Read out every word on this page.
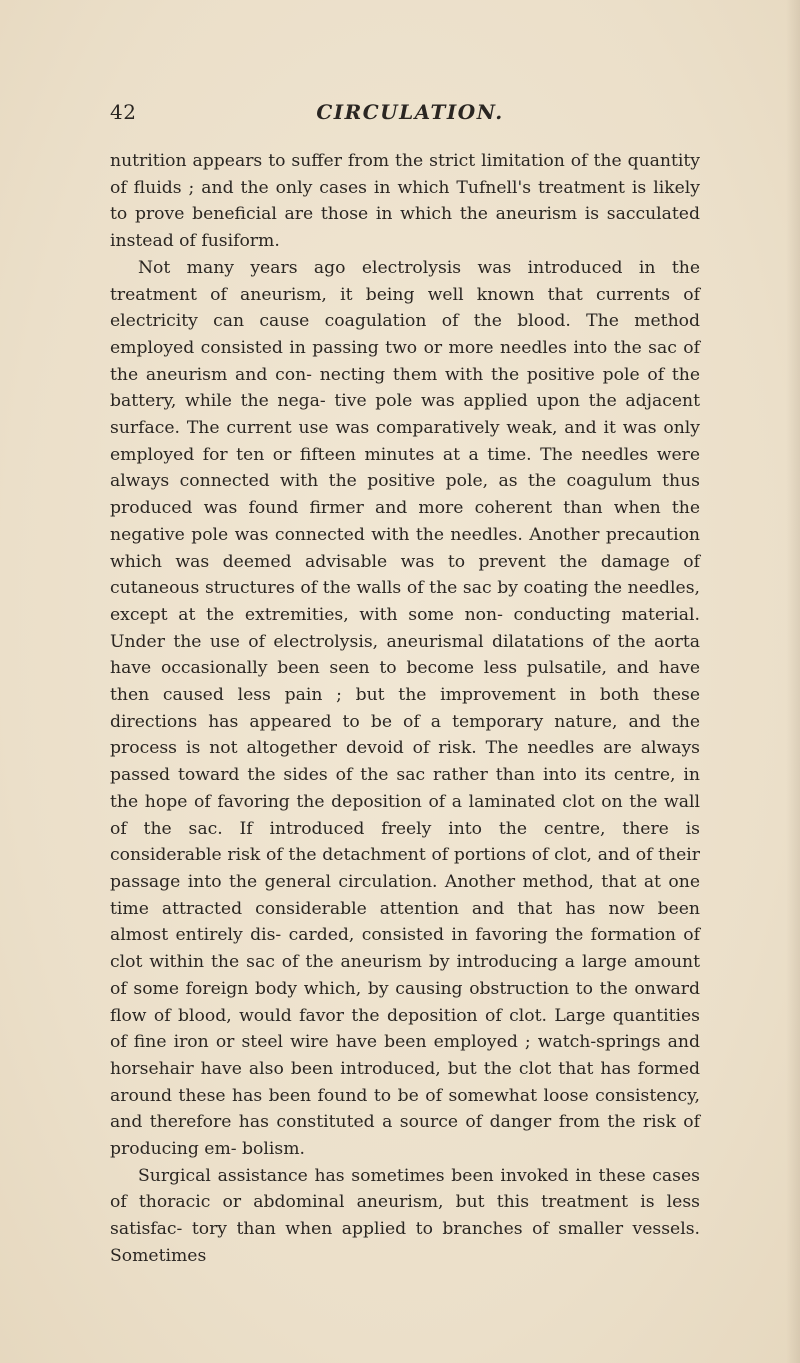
42	CIRCULATION.

nutrition appears to suffer from the strict limitation of the quantity of fluids ; and the only cases in which Tufnell's treatment is likely to prove beneficial are those in which the aneurism is sacculated instead of fusiform.

Not many years ago electrolysis was introduced in the treatment of aneurism, it being well known that currents of electricity can cause coagulation of the blood. The method employed consisted in passing two or more needles into the sac of the aneurism and con- necting them with the positive pole of the battery, while the nega- tive pole was applied upon the adjacent surface. The current use was comparatively weak, and it was only employed for ten or fifteen minutes at a time. The needles were always connected with the positive pole, as the coagulum thus produced was found firmer and more coherent than when the negative pole was connected with the needles. Another precaution which was deemed advisable was to prevent the damage of cutaneous structures of the walls of the sac by coating the needles, except at the extremities, with some non- conducting material. Under the use of electrolysis, aneurismal dilatations of the aorta have occasionally been seen to become less pulsatile, and have then caused less pain ; but the improvement in both these directions has appeared to be of a temporary nature, and the process is not altogether devoid of risk. The needles are always passed toward the sides of the sac rather than into its centre, in the hope of favoring the deposition of a laminated clot on the wall of the sac. If introduced freely into the centre, there is considerable risk of the detachment of portions of clot, and of their passage into the general circulation. Another method, that at one time attracted considerable attention and that has now been almost entirely dis- carded, consisted in favoring the formation of clot within the sac of the aneurism by introducing a large amount of some foreign body which, by causing obstruction to the onward flow of blood, would favor the deposition of clot. Large quantities of fine iron or steel wire have been employed ; watch-springs and horsehair have also been introduced, but the clot that has formed around these has been found to be of somewhat loose consistency, and therefore has constituted a source of danger from the risk of producing em- bolism.

Surgical assistance has sometimes been invoked in these cases of thoracic or abdominal aneurism, but this treatment is less satisfac- tory than when applied to branches of smaller vessels. Sometimes
